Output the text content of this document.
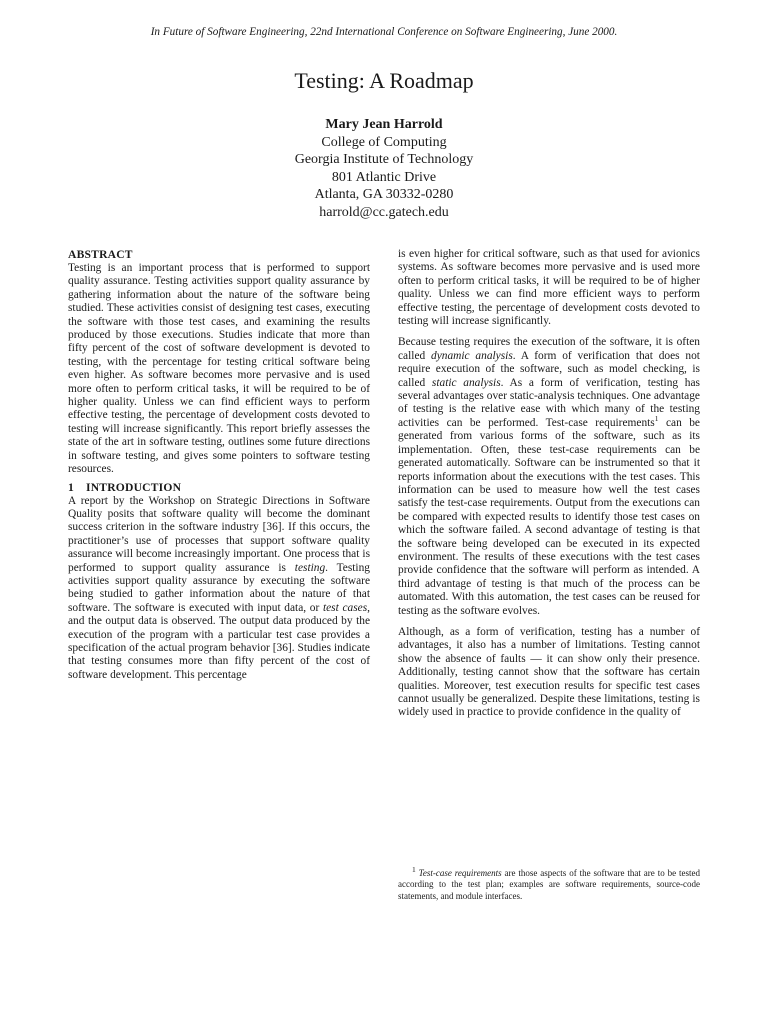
In Future of Software Engineering, 22nd International Conference on Software Engineering, June 2000.
Testing: A Roadmap
Mary Jean Harrold
College of Computing
Georgia Institute of Technology
801 Atlantic Drive
Atlanta, GA 30332-0280
harrold@cc.gatech.edu
ABSTRACT

Testing is an important process that is performed to support quality assurance. Testing activities support quality assurance by gathering information about the nature of the software being studied. These activities consist of designing test cases, executing the software with those test cases, and examining the results produced by those executions. Studies indicate that more than fifty percent of the cost of software development is devoted to testing, with the percentage for testing critical software being even higher. As software becomes more pervasive and is used more often to perform critical tasks, it will be required to be of higher quality. Unless we can find efficient ways to perform effective testing, the percentage of development costs devoted to testing will increase significantly. This report briefly assesses the state of the art in software testing, outlines some future directions in software testing, and gives some pointers to software testing resources.

1 INTRODUCTION

A report by the Workshop on Strategic Directions in Software Quality posits that software quality will become the dominant success criterion in the software industry [36]. If this occurs, the practitioner’s use of processes that support software quality assurance will become increasingly important. One process that is performed to support quality assurance is testing. Testing activities support quality assurance by executing the software being studied to gather information about the nature of that software. The software is executed with input data, or test cases, and the output data is observed. The output data produced by the execution of the program with a particular test case provides a specification of the actual program behavior [36]. Studies indicate that testing consumes more than fifty percent of the cost of software development. This percentage

is even higher for critical software, such as that used for avionics systems. As software becomes more pervasive and is used more often to perform critical tasks, it will be required to be of higher quality. Unless we can find more efficient ways to perform effective testing, the percentage of development costs devoted to testing will increase significantly.

Because testing requires the execution of the software, it is often called dynamic analysis. A form of verification that does not require execution of the software, such as model checking, is called static analysis. As a form of verification, testing has several advantages over static-analysis techniques. One advantage of testing is the relative ease with which many of the testing activities can be performed. Test-case requirements$^1$ can be generated from various forms of the software, such as its implementation. Often, these test-case requirements can be generated automatically. Software can be instrumented so that it reports information about the executions with the test cases. This information can be used to measure how well the test cases satisfy the test-case requirements. Output from the executions can be compared with expected results to identify those test cases on which the software failed. A second advantage of testing is that the software being developed can be executed in its expected environment. The results of these executions with the test cases provide confidence that the software will perform as intended. A third advantage of testing is that much of the process can be automated. With this automation, the test cases can be reused for testing as the software evolves.

Although, as a form of verification, testing has a number of advantages, it also has a number of limitations. Testing cannot show the absence of faults — it can show only their presence. Additionally, testing cannot show that the software has certain qualities. Moreover, test execution results for specific test cases cannot usually be generalized. Despite these limitations, testing is widely used in practice to provide confidence in the quality of

$^1$ Test-case requirements are those aspects of the software that are to be tested according to the test plan; examples are software requirements, source-code statements, and module interfaces.
